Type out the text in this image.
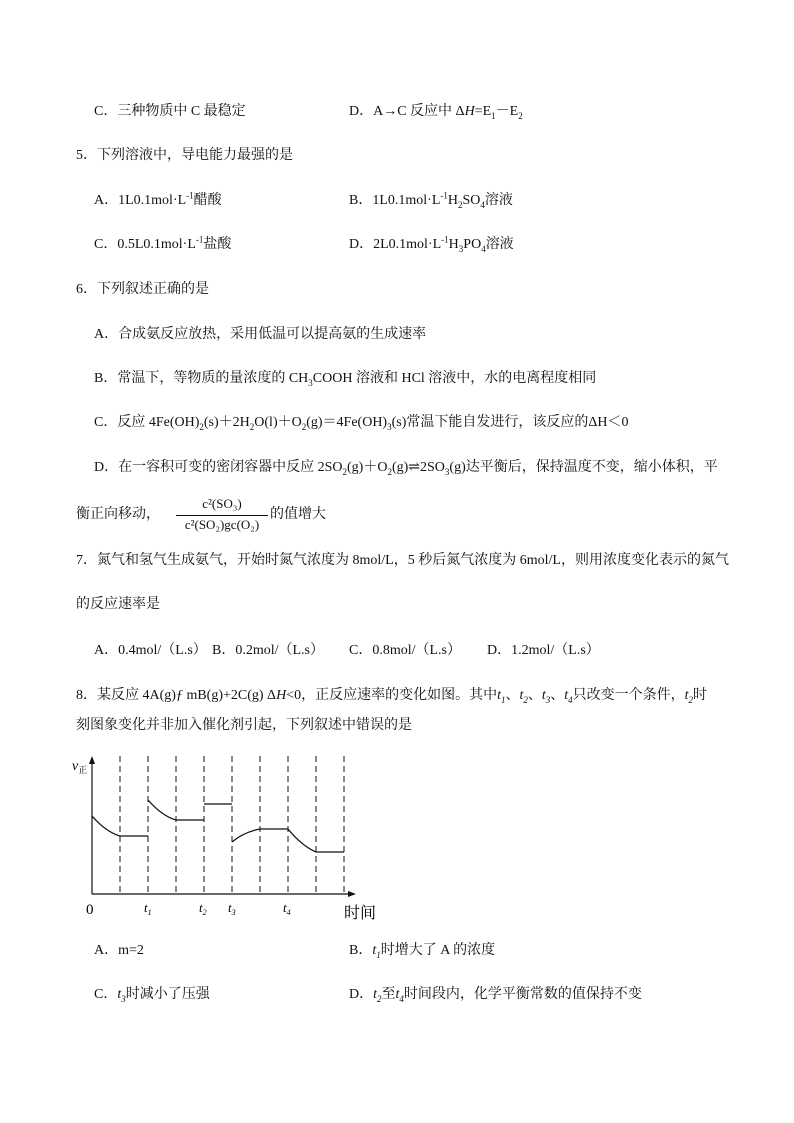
C．三种物质中 C 最稳定	D．A→C 反应中 $\Delta H=E_1-E_2$
5．下列溶液中，导电能力最强的是
A．$1L0.1mol\cdot L^{-1}$醋酸	B．$1L0.1mol\cdot L^{-1}H_2SO_4$溶液
C．$0.5L0.1mol\cdot L^{-1}$盐酸	D．$2L0.1mol\cdot L^{-1}H_3PO_4$溶液
6．下列叙述正确的是
A．合成氨反应放热，采用低温可以提高氨的生成速率
B．常温下，等物质的量浓度的 $CH_3COOH$ 溶液和 HCl 溶液中，水的电离程度相同
C．反应 $4Fe(OH)_2(s)+2H_2O(l)+O_2(g)=4Fe(OH)_3(s)$常温下能自发进行，该反应的ΔH＜0
D．在一容积可变的密闭容器中反应 $2SO_2(g)+O_2(g)\rightleftharpoons 2SO_3(g)$达平衡后，保持温度不变，缩小体积，平
衡正向移动，
c²(SO₃)
c²(SO₂)gc(O₂)
的值增大
7．氮气和氢气生成氨气，开始时氮气浓度为 8mol/L，5 秒后氮气浓度为 6mol/L，则用浓度变化表示的氮气
的反应速率是
A．0.4mol/（L.s） B．0.2mol/（L.s） C．0.8mol/（L.s） D．1.2mol/（L.s）
8．某反应 4A(g)ƒ mB(g)+2C(g) ΔH<0，正反应速率的变化如图。其中$t_1$、$t_2$、$t_3$、$t_4$只改变一个条件，$t_2$时
刻图象变化并非加入催化剂引起，下列叙述中错误的是
$v_正$
0	$t_1$	$t_2$ $t_3$	$t_4$	时间
A．m=2	B．$t_1$时增大了 A 的浓度
C．$t_3$时减小了压强	D．$t_2$至$t_4$时间段内，化学平衡常数的值保持不变
